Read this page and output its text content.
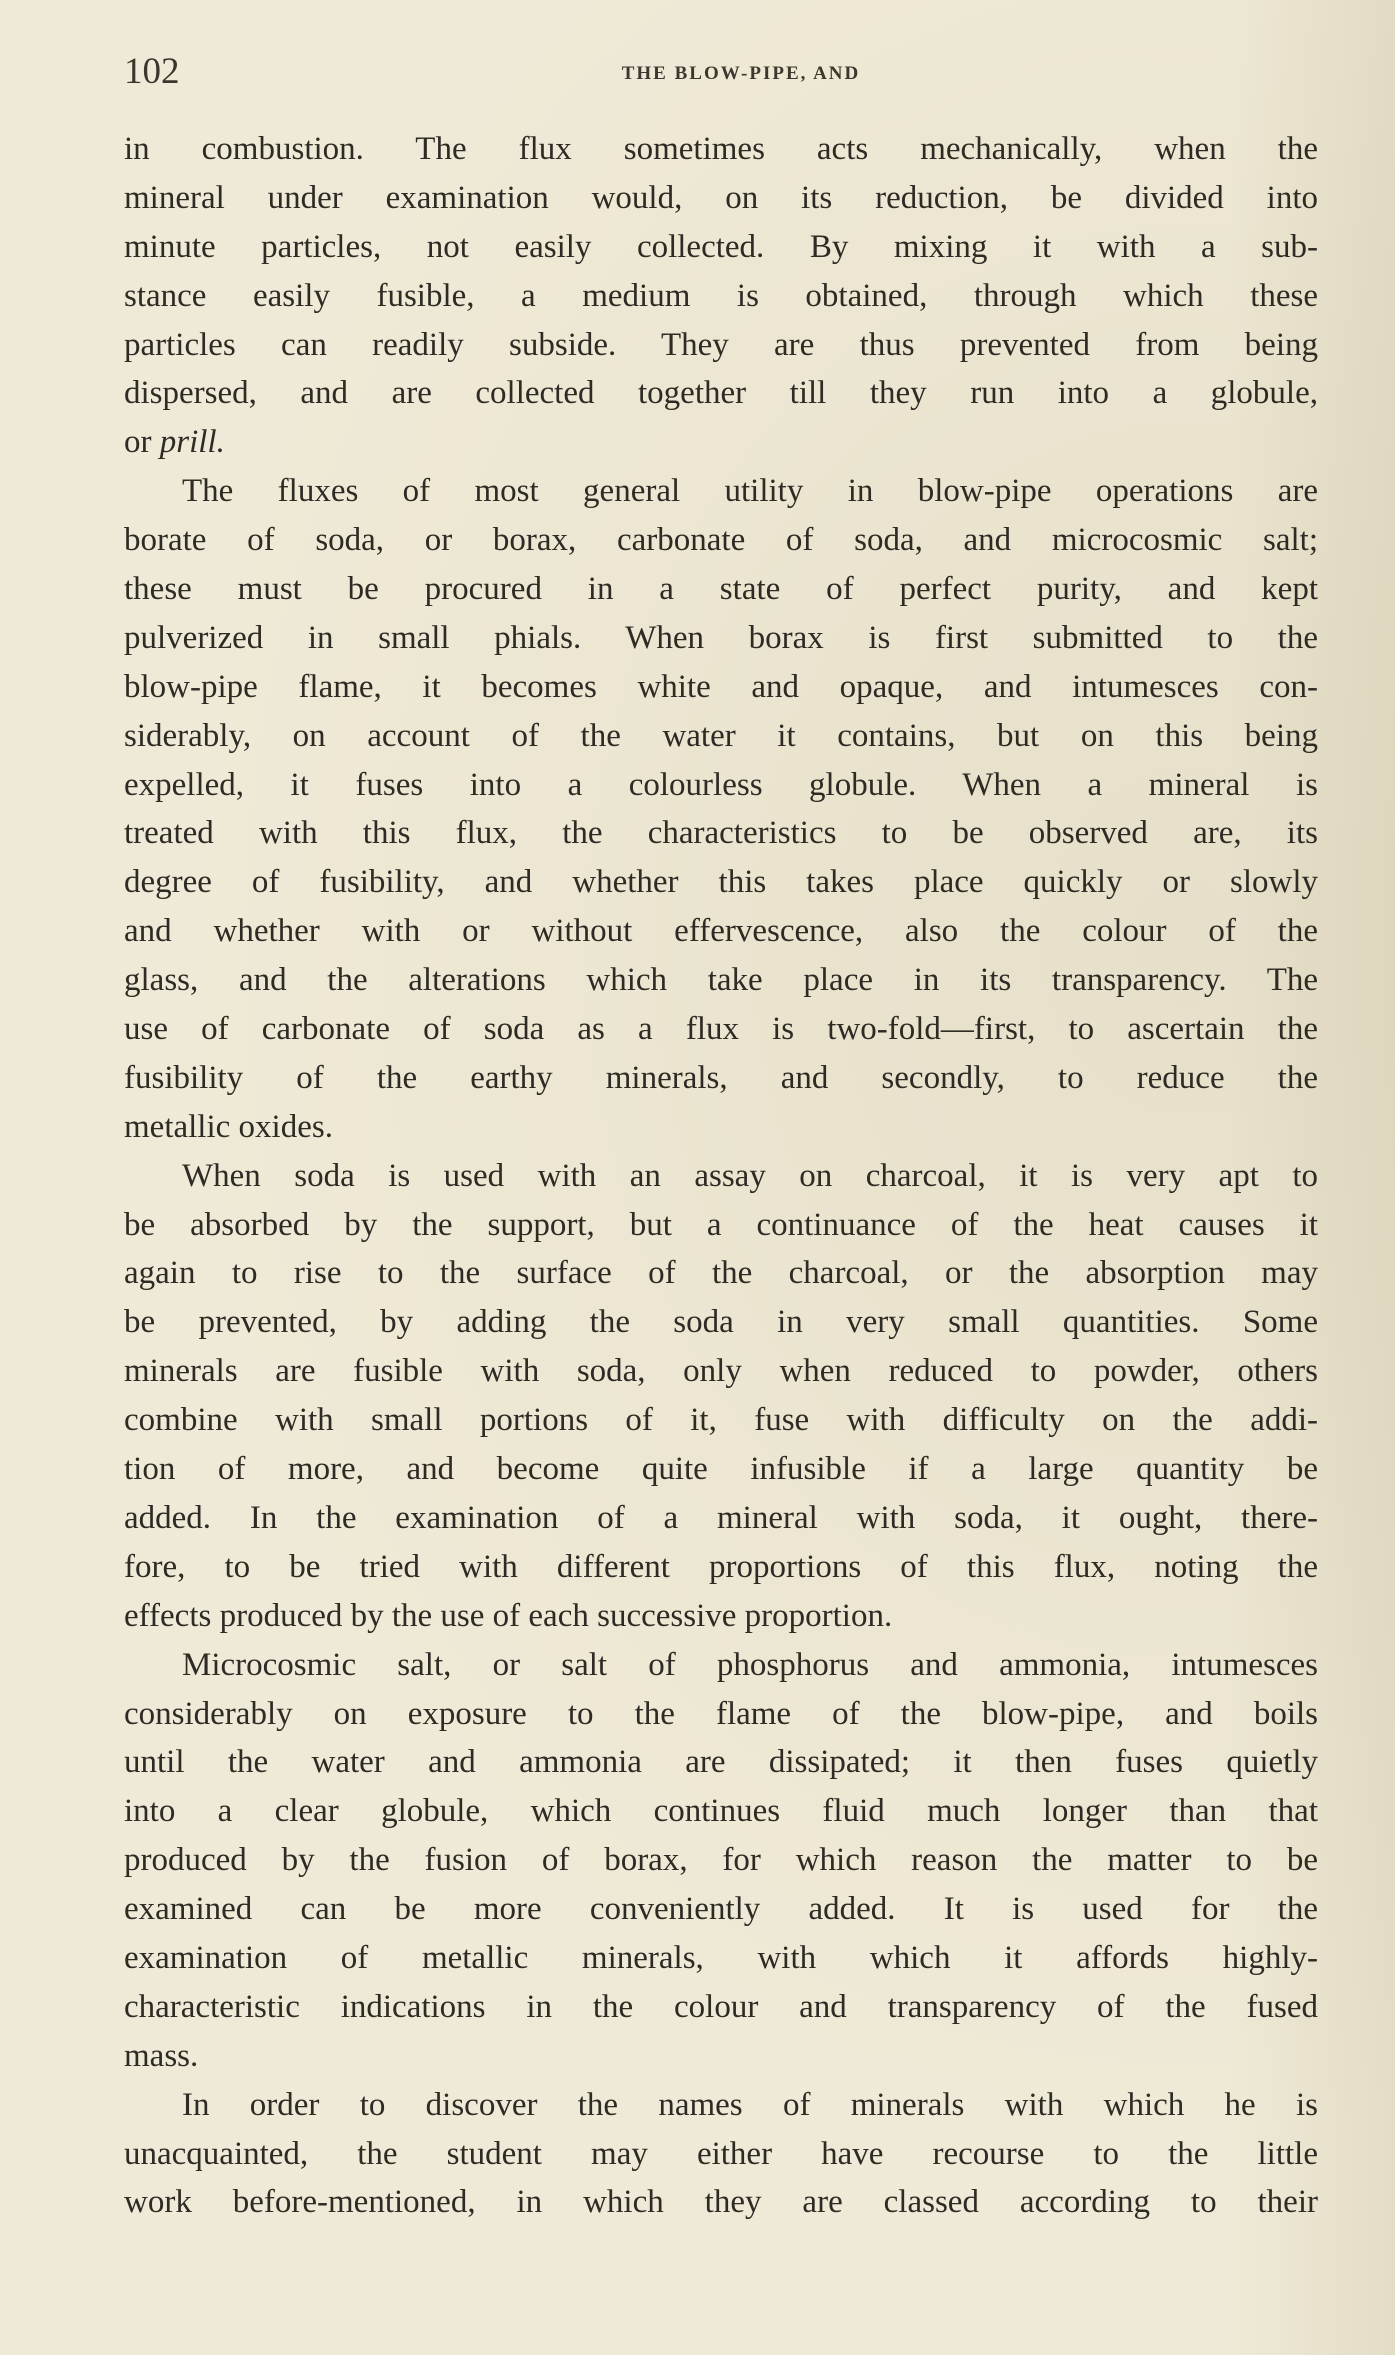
102	THE BLOW-PIPE, AND
in combustion. The flux sometimes acts mechanically, when the
mineral under examination would, on its reduction, be divided into
minute particles, not easily collected. By mixing it with a sub-
stance easily fusible, a medium is obtained, through which these
particles can readily subside. They are thus prevented from being
dispersed, and are collected together till they run into a globule,
or prill.
The fluxes of most general utility in blow-pipe operations are
borate of soda, or borax, carbonate of soda, and microcosmic salt;
these must be procured in a state of perfect purity, and kept
pulverized in small phials. When borax is first submitted to the
blow-pipe flame, it becomes white and opaque, and intumesces con-
siderably, on account of the water it contains, but on this being
expelled, it fuses into a colourless globule. When a mineral is
treated with this flux, the characteristics to be observed are, its
degree of fusibility, and whether this takes place quickly or slowly
and whether with or without effervescence, also the colour of the
glass, and the alterations which take place in its transparency. The
use of carbonate of soda as a flux is two-fold—first, to ascertain the
fusibility of the earthy minerals, and secondly, to reduce the
metallic oxides.
When soda is used with an assay on charcoal, it is very apt to
be absorbed by the support, but a continuance of the heat causes it
again to rise to the surface of the charcoal, or the absorption may
be prevented, by adding the soda in very small quantities. Some
minerals are fusible with soda, only when reduced to powder, others
combine with small portions of it, fuse with difficulty on the addi-
tion of more, and become quite infusible if a large quantity be
added. In the examination of a mineral with soda, it ought, there-
fore, to be tried with different proportions of this flux, noting the
effects produced by the use of each successive proportion.
Microcosmic salt, or salt of phosphorus and ammonia, intumesces
considerably on exposure to the flame of the blow-pipe, and boils
until the water and ammonia are dissipated; it then fuses quietly
into a clear globule, which continues fluid much longer than that
produced by the fusion of borax, for which reason the matter to be
examined can be more conveniently added. It is used for the
examination of metallic minerals, with which it affords highly-
characteristic indications in the colour and transparency of the fused
mass.
In order to discover the names of minerals with which he is
unacquainted, the student may either have recourse to the little
work before-mentioned, in which they are classed according to their
